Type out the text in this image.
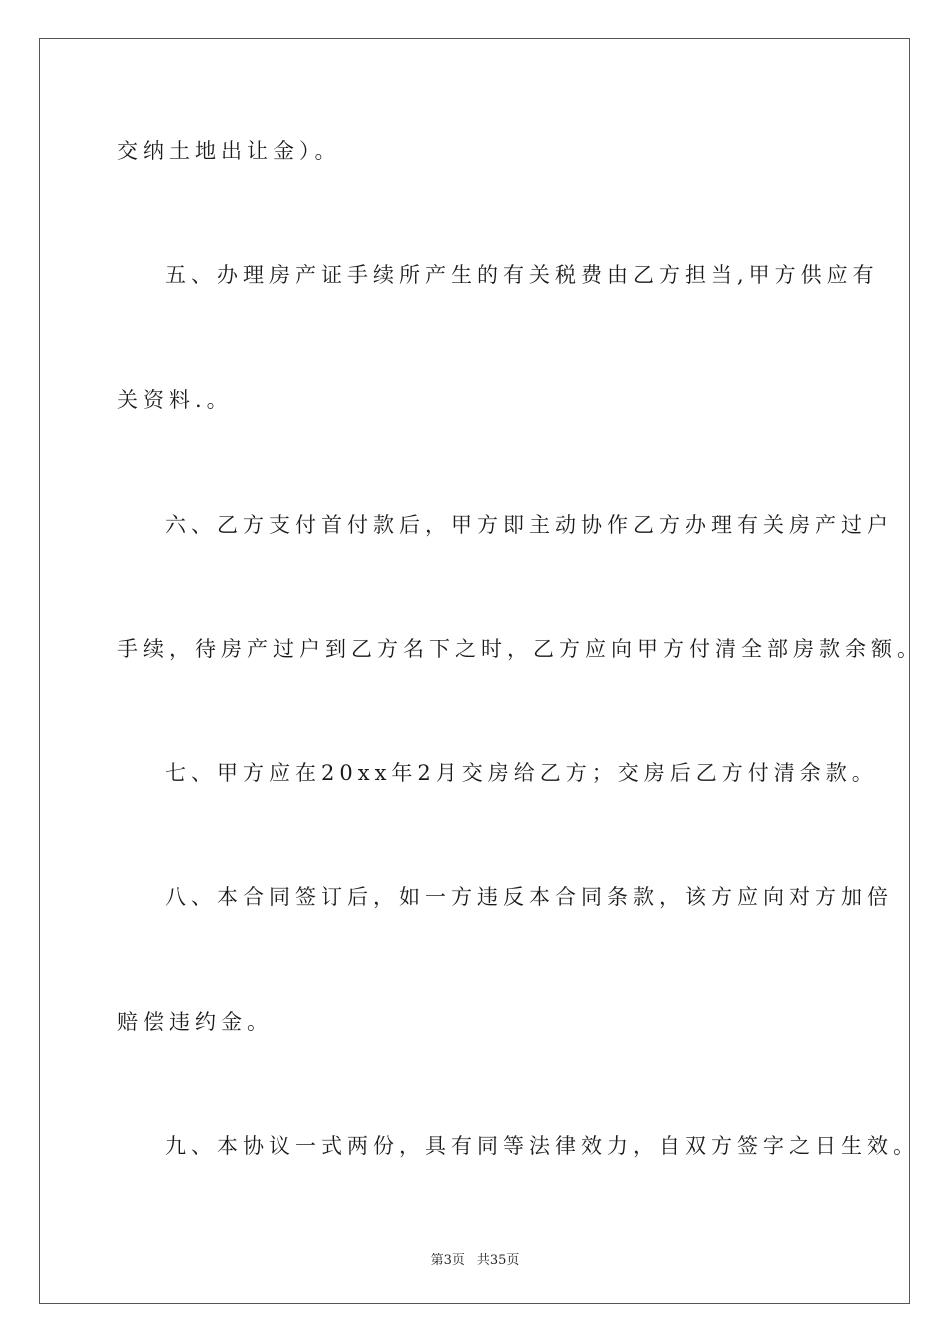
交纳土地出让金）。
五、办理房产证手续所产生的有关税费由乙方担当,甲方供应有
关资料.。
六、乙方支付首付款后，甲方即主动协作乙方办理有关房产过户
手续，待房产过户到乙方名下之时，乙方应向甲方付清全部房款余额。
七、甲方应在20xx年2月交房给乙方；交房后乙方付清余款。
八、本合同签订后，如一方违反本合同条款，该方应向对方加倍
赔偿违约金。
九、本协议一式两份，具有同等法律效力，自双方签字之日生效。
第3页 共35页
